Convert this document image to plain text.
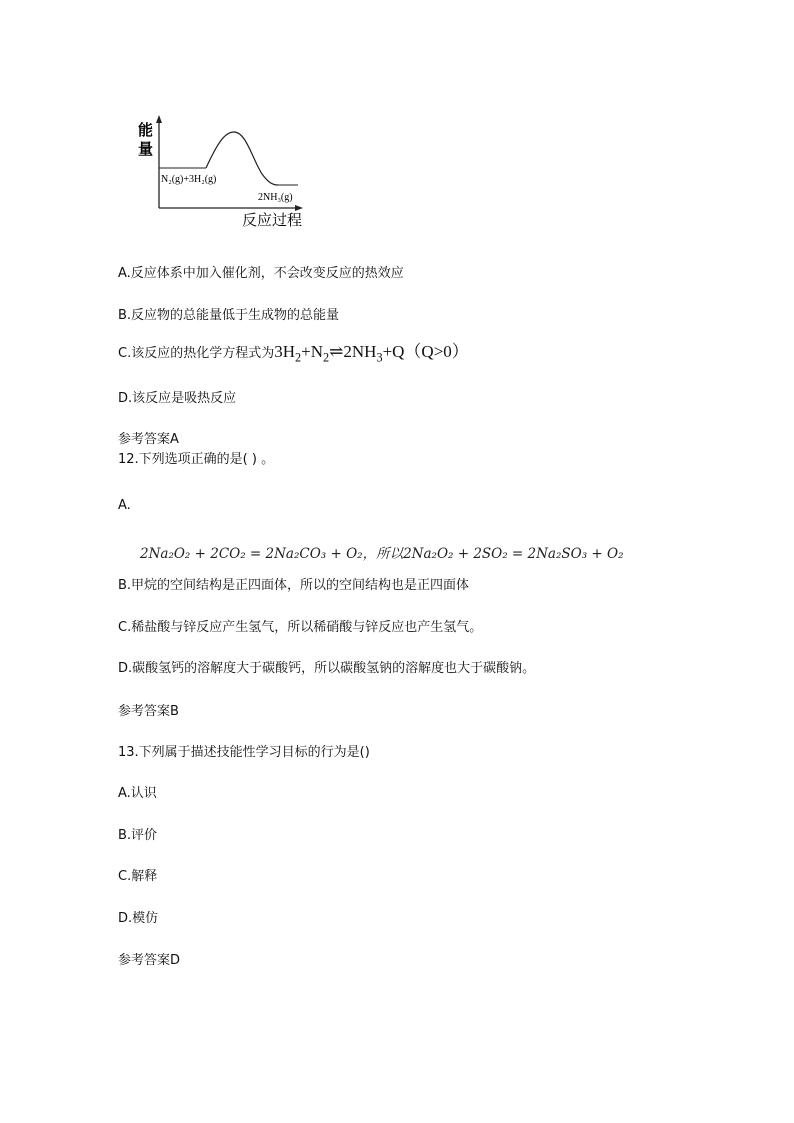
能
量
N₂(g)+3H₂(g)
2NH₃(g)
反应过程
A.反应体系中加入催化剂，不会改变反应的热效应
B.反应物的总能量低于生成物的总能量
C.该反应的热化学方程式为$3H_2+N_2\rightleftharpoons 2NH_3+Q(Q>0)$
D.该反应是吸热反应
参考答案A
12.下列选项正确的是( ) 。
A.
2Na₂O₂ + 2CO₂ = 2Na₂CO₃ + O₂，所以2Na₂O₂ + 2SO₂ = 2Na₂SO₃ + O₂
B.甲烷的空间结构是正四面体，所以的空间结构也是正四面体
C.稀盐酸与锌反应产生氢气，所以稀硝酸与锌反应也产生氢气。
D.碳酸氢钙的溶解度大于碳酸钙，所以碳酸氢钠的溶解度也大于碳酸钠。
参考答案B
13.下列属于描述技能性学习目标的行为是()
A.认识
B.评价
C.解释
D.模仿
参考答案D
